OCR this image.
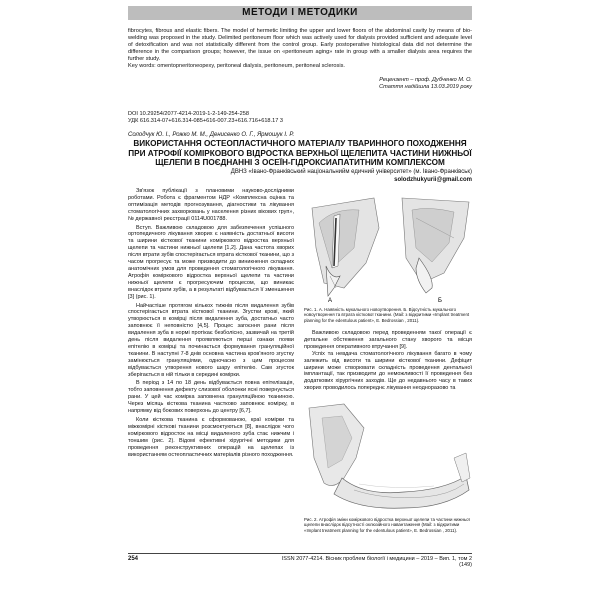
МЕТОДИ І МЕТОДИКИ
fibrocytes, fibrous and elastic fibers. The model of hermetic limiting the upper and lower floors of the abdominal cavity by means of bio-welding was proposed in the study. Delimited peritoneum floor which was actively used for dialysis provided sufficient and adequate level of detoxification and was not statistically different from the control group. Early postoperative histological data did not determine the difference in the comparison groups; however, the issue on «peritoneum aging» rate in group with a smaller dialysis area requires the further study.
Key words: omentopneritoneopexy, peritoneal dialysis, peritoneum, peritoneal sclerosis.
Рецензент – проф. Дубченко М. О.
Стаття надійшла 13.03.2019 року
DOI 10.29254/2077-4214-2019-1-2-149-254-258
УДК 616.314-07+616.314-085+616-007.23+616.716+618.17 3
Солодчук Ю. І., Рожко М. М., Денисенко О. Г., Ярмошук І. Р.
ВИКОРИСТАННЯ ОСТЕОПЛАСТИЧНОГО МАТЕРІАЛУ ТВАРИННОГО ПОХОДЖЕННЯ ПРИ АТРОФІЇ КОМІРКОВОГО ВІДРОСТКА ВЕРХНЬОЇ ЩЕЛЕПИТА ЧАСТИНИ НИЖНЬОЇ ЩЕЛЕПИ В ПОЄДНАННІ З ОСЕЇН-ГІДРОКСИАПАТИТНИМ КОМПЛЕКСОМ
ДВНЗ «Івано-Франківський національнийм едичний університет» (м. Івано-Франківськ)
solodzhukyurii@gmail.com

Зв'язок публікації з плановими науково-дослідними роботами. Робота є фрагментом НДР «Комплексна оцінка та оптимізація методів прогнозування, діагностики та лікування стоматологічних захворювань у населення різних вікових груп», № державної реєстрації 0114U001788.

Вступ. Важливою складовою для забезпечення успішного ортопедичного лікування хворих є наявність достатньої висоти та ширини кісткової тканини коміркового відростка верхньої щелепи та частини нижньої щелепи [1,2]. Дана частота хворих після втрати зубів спостерігається втрата кісткової тканини, що з часом прогресує та може призводити до виникнення складних анатомічних умов для проведення стоматологічного лікування. Атрофія коміркового відростка верхньої щелепи та частини нижньої щелепи є прогресуючим процесом, що виникає внаслідок втрати зубів, а в результаті відбувається її зменшення [3] (рис. 1).

Найчастіше протягом кількох тижнів після видалення зубів спостерігається втрата кісткової тканини. Згустки крові, який утворюється в комірці після видалення зуба, достатньо часто заповнює її неповністю [4,5]. Процес загоєння рани після видалення зуба в нормі протікає безболісно, зазвичай на третій день після видалення проявляються перші ознаки появи епітелію в комірці та починається формування грануляційної тканини. В наступні 7-8 днів основна частина кров'яного згустку замінюється грануляціями, одночасно з цим процесом відбувається утворення нового шару епітелію. Сам згусток зберігається в ній тільки в середині комірки.

В період з 14 по 18 день відбувається повна епітелізація, тобто заповнення дефекту слизової оболонки ясні повернується рани. У цей час комірка заповнена грануляційною тканиною. Через місяць кісткова тканина частково заповнює комірку, в напрямку від бокових поверхонь до центру [6,7].

Коли кісткова тканина є сформованою, краї комірки та міжкомірні кісткові тканини розсмоктуються [8], внаслідок чого коміркового відросток на місці видаленого зуба стає нижчим і тоншим (рис. 2). Відомі ефективні хірургічні методики для проведення реконструктивних операцій на щелепах із використанням остеопластичних матеріалів різного походження.

А	Б
Рис. 1. А. Наявність мукального новоутворення. Б. Відсутність мукального новоутворення та втрата кісткової тканини. (Маil: з відкритими «Implant treatment planning for the edentulous patient», E. Bedrossian , 2011).

Важливою складовою перед проведенням такої операції є детальне обстеження загального стану хворого та місця проведення оперативного втручання [9].

Успіх та невдача стоматологічного лікування багато в чому залежить від висоти та ширини кісткової тканини. Дефіцит ширини може створювати складність проведення дентальної імплантації, так призводити до неможливості її проведення без додаткових хірургічних заходів. Ще до недавнього часу в таких хворих проводилось попереднє лікування неодноразово та

Рис. 2. Атрофія зміни коміркового відростка верхньої щелепи та частини нижньої щелепи внаслідок відсутності оклюзійного навантаження (Маil: з відкритими «Implant treatment planning for the edentulous patient», E. Bedrossian , 2011).
254	ISSN 2077-4214. Вісник проблем біології і медицини – 2019 – Вип. 1, том 2 (149)
